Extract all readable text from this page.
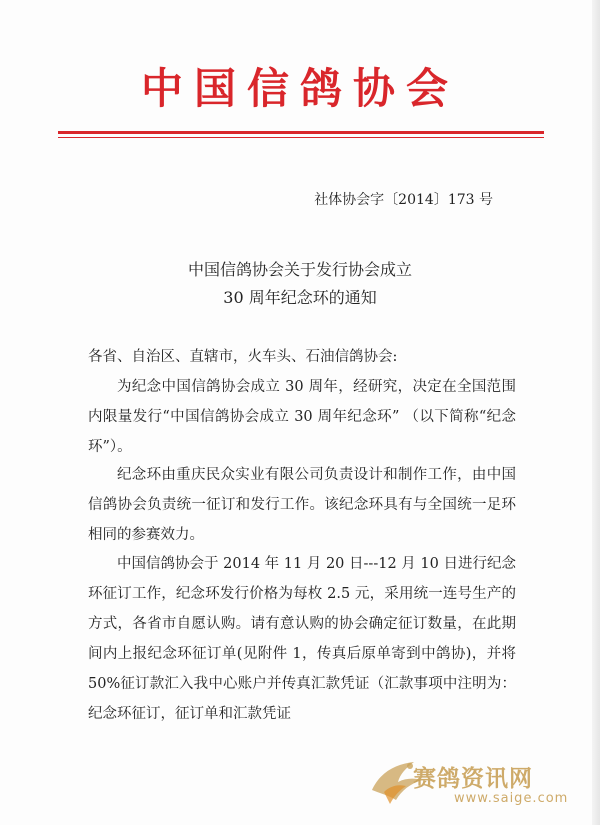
中国信鸽协会
社体协会字〔2014〕173 号
中国信鸽协会关于发行协会成立
30 周年纪念环的通知
各省、自治区、直辖市，火车头、石油信鸽协会:
为纪念中国信鸽协会成立 30 周年，经研究，决定在全国范围内限量发行“中国信鸽协会成立 30 周年纪念环” （以下简称“纪念环”）。
纪念环由重庆民众实业有限公司负责设计和制作工作，由中国信鸽协会负责统一征订和发行工作。该纪念环具有与全国统一足环相同的参赛效力。
中国信鸽协会于 2014 年 11 月 20 日---12 月 10 日进行纪念环征订工作，纪念环发行价格为每枚 2.5 元，采用统一连号生产的方式，各省市自愿认购。请有意认购的协会确定征订数量，在此期间内上报纪念环征订单(见附件 1，传真后原单寄到中鸽协)，并将 50%征订款汇入我中心账户并传真汇款凭证（汇款事项中注明为：纪念环征订，征订单和汇款凭证
赛鸽资讯网
www.saige.com
